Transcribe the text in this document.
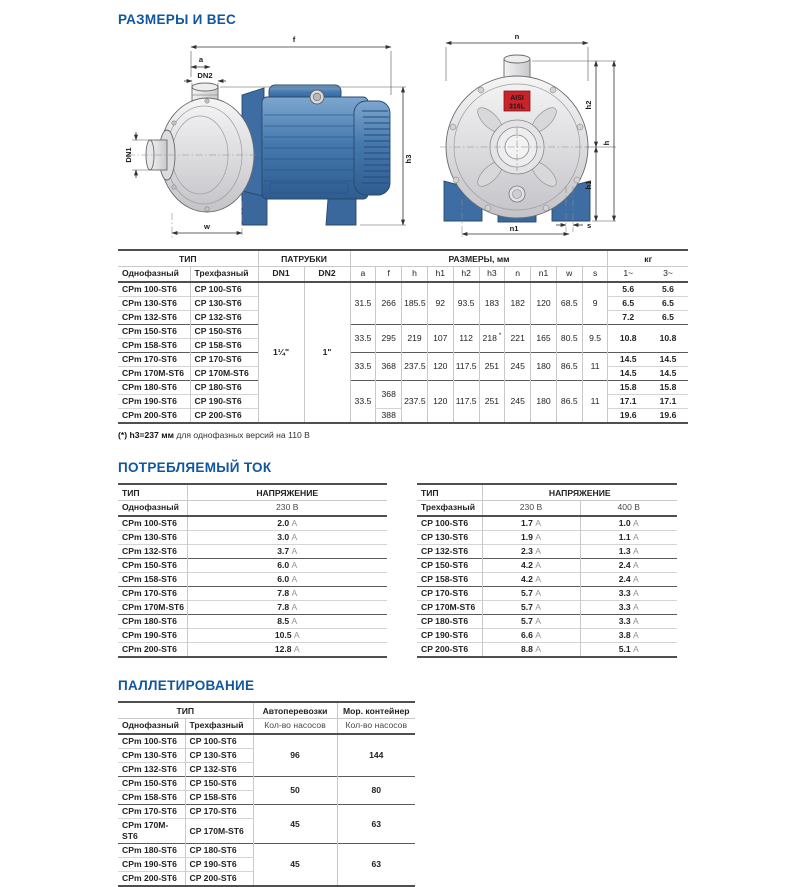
РАЗМЕРЫ И ВЕС
f
a
DN2
DN1	h3
w
AISI
316L
n
h2
h1
h
s
n1
ТИП		ПАТРУБКИ		РАЗМЕРЫ, мм										кг	
Однофазный	Трехфазный	DN1	DN2	a	f	h	h1	h2	h3	n	n1	w	s	1~	3~
CPm 100-ST6	CP 100-ST6	1¼"	1"	31.5	266	185.5	92	93.5	183	182	120	68.5	9	5.6	5.6
CPm 130-ST6	CP 130-ST6													6.5	6.5
CPm 132-ST6	CP 132-ST6													7.2	6.5
CPm 150-ST6	CP 150-ST6			33.5	295	219	107	112	218 *	221	165	80.5	9.5	10.8	10.8
CPm 158-ST6	CP 158-ST6														
CPm 170-ST6	CP 170-ST6			33.5	368	237.5	120	117.5	251	245	180	86.5	11	14.5	14.5
CPm 170M-ST6	CP 170M-ST6													14.5	14.5
CPm 180-ST6	CP 180-ST6			33.5	368	237.5	120	117.5	251	245	180	86.5	11	15.8	15.8
CPm 190-ST6	CP 190-ST6													17.1	17.1
CPm 200-ST6	CP 200-ST6				388									19.6	19.6

(*) h3=237 мм для однофазных версий на 110 В

ПОТРЕБЛЯЕМЫЙ ТОК
ТИП	НАПРЯЖЕНИЕ
Однофазный	230 В
CPm 100-ST6	2.0 A
CPm 130-ST6	3.0 A
CPm 132-ST6	3.7 A
CPm 150-ST6	6.0 A
CPm 158-ST6	6.0 A
CPm 170-ST6	7.8 A
CPm 170M-ST6	7.8 A
CPm 180-ST6	8.5 A
CPm 190-ST6	10.5 A
CPm 200-ST6	12.8 A
ТИП	НАПРЯЖЕНИЕ	
Трехфазный	230 В	400 В
CP 100-ST6	1.7 A	1.0 A
CP 130-ST6	1.9 A	1.1 A
CP 132-ST6	2.3 A	1.3 A
CP 150-ST6	4.2 A	2.4 A
CP 158-ST6	4.2 A	2.4 A
CP 170-ST6	5.7 A	3.3 A
CP 170M-ST6	5.7 A	3.3 A
CP 180-ST6	5.7 A	3.3 A
CP 190-ST6	6.6 A	3.8 A
CP 200-ST6	8.8 A	5.1 A
ПАЛЛЕТИРОВАНИЕ
ТИП		Автоперевозки	Мор. контейнер
Однофазный	Трехфазный	Кол-во насосов	Кол-во насосов
CPm 100-ST6	CP 100-ST6	96	144
CPm 130-ST6	CP 130-ST6		
CPm 132-ST6	CP 132-ST6		
CPm 150-ST6	CP 150-ST6	50	80
CPm 158-ST6	CP 158-ST6		
CPm 170-ST6	CP 170-ST6	45	63
CPm 170M-ST6	CP 170M-ST6		
CPm 180-ST6	CP 180-ST6	45	63
CPm 190-ST6	CP 190-ST6		
CPm 200-ST6	CP 200-ST6		
